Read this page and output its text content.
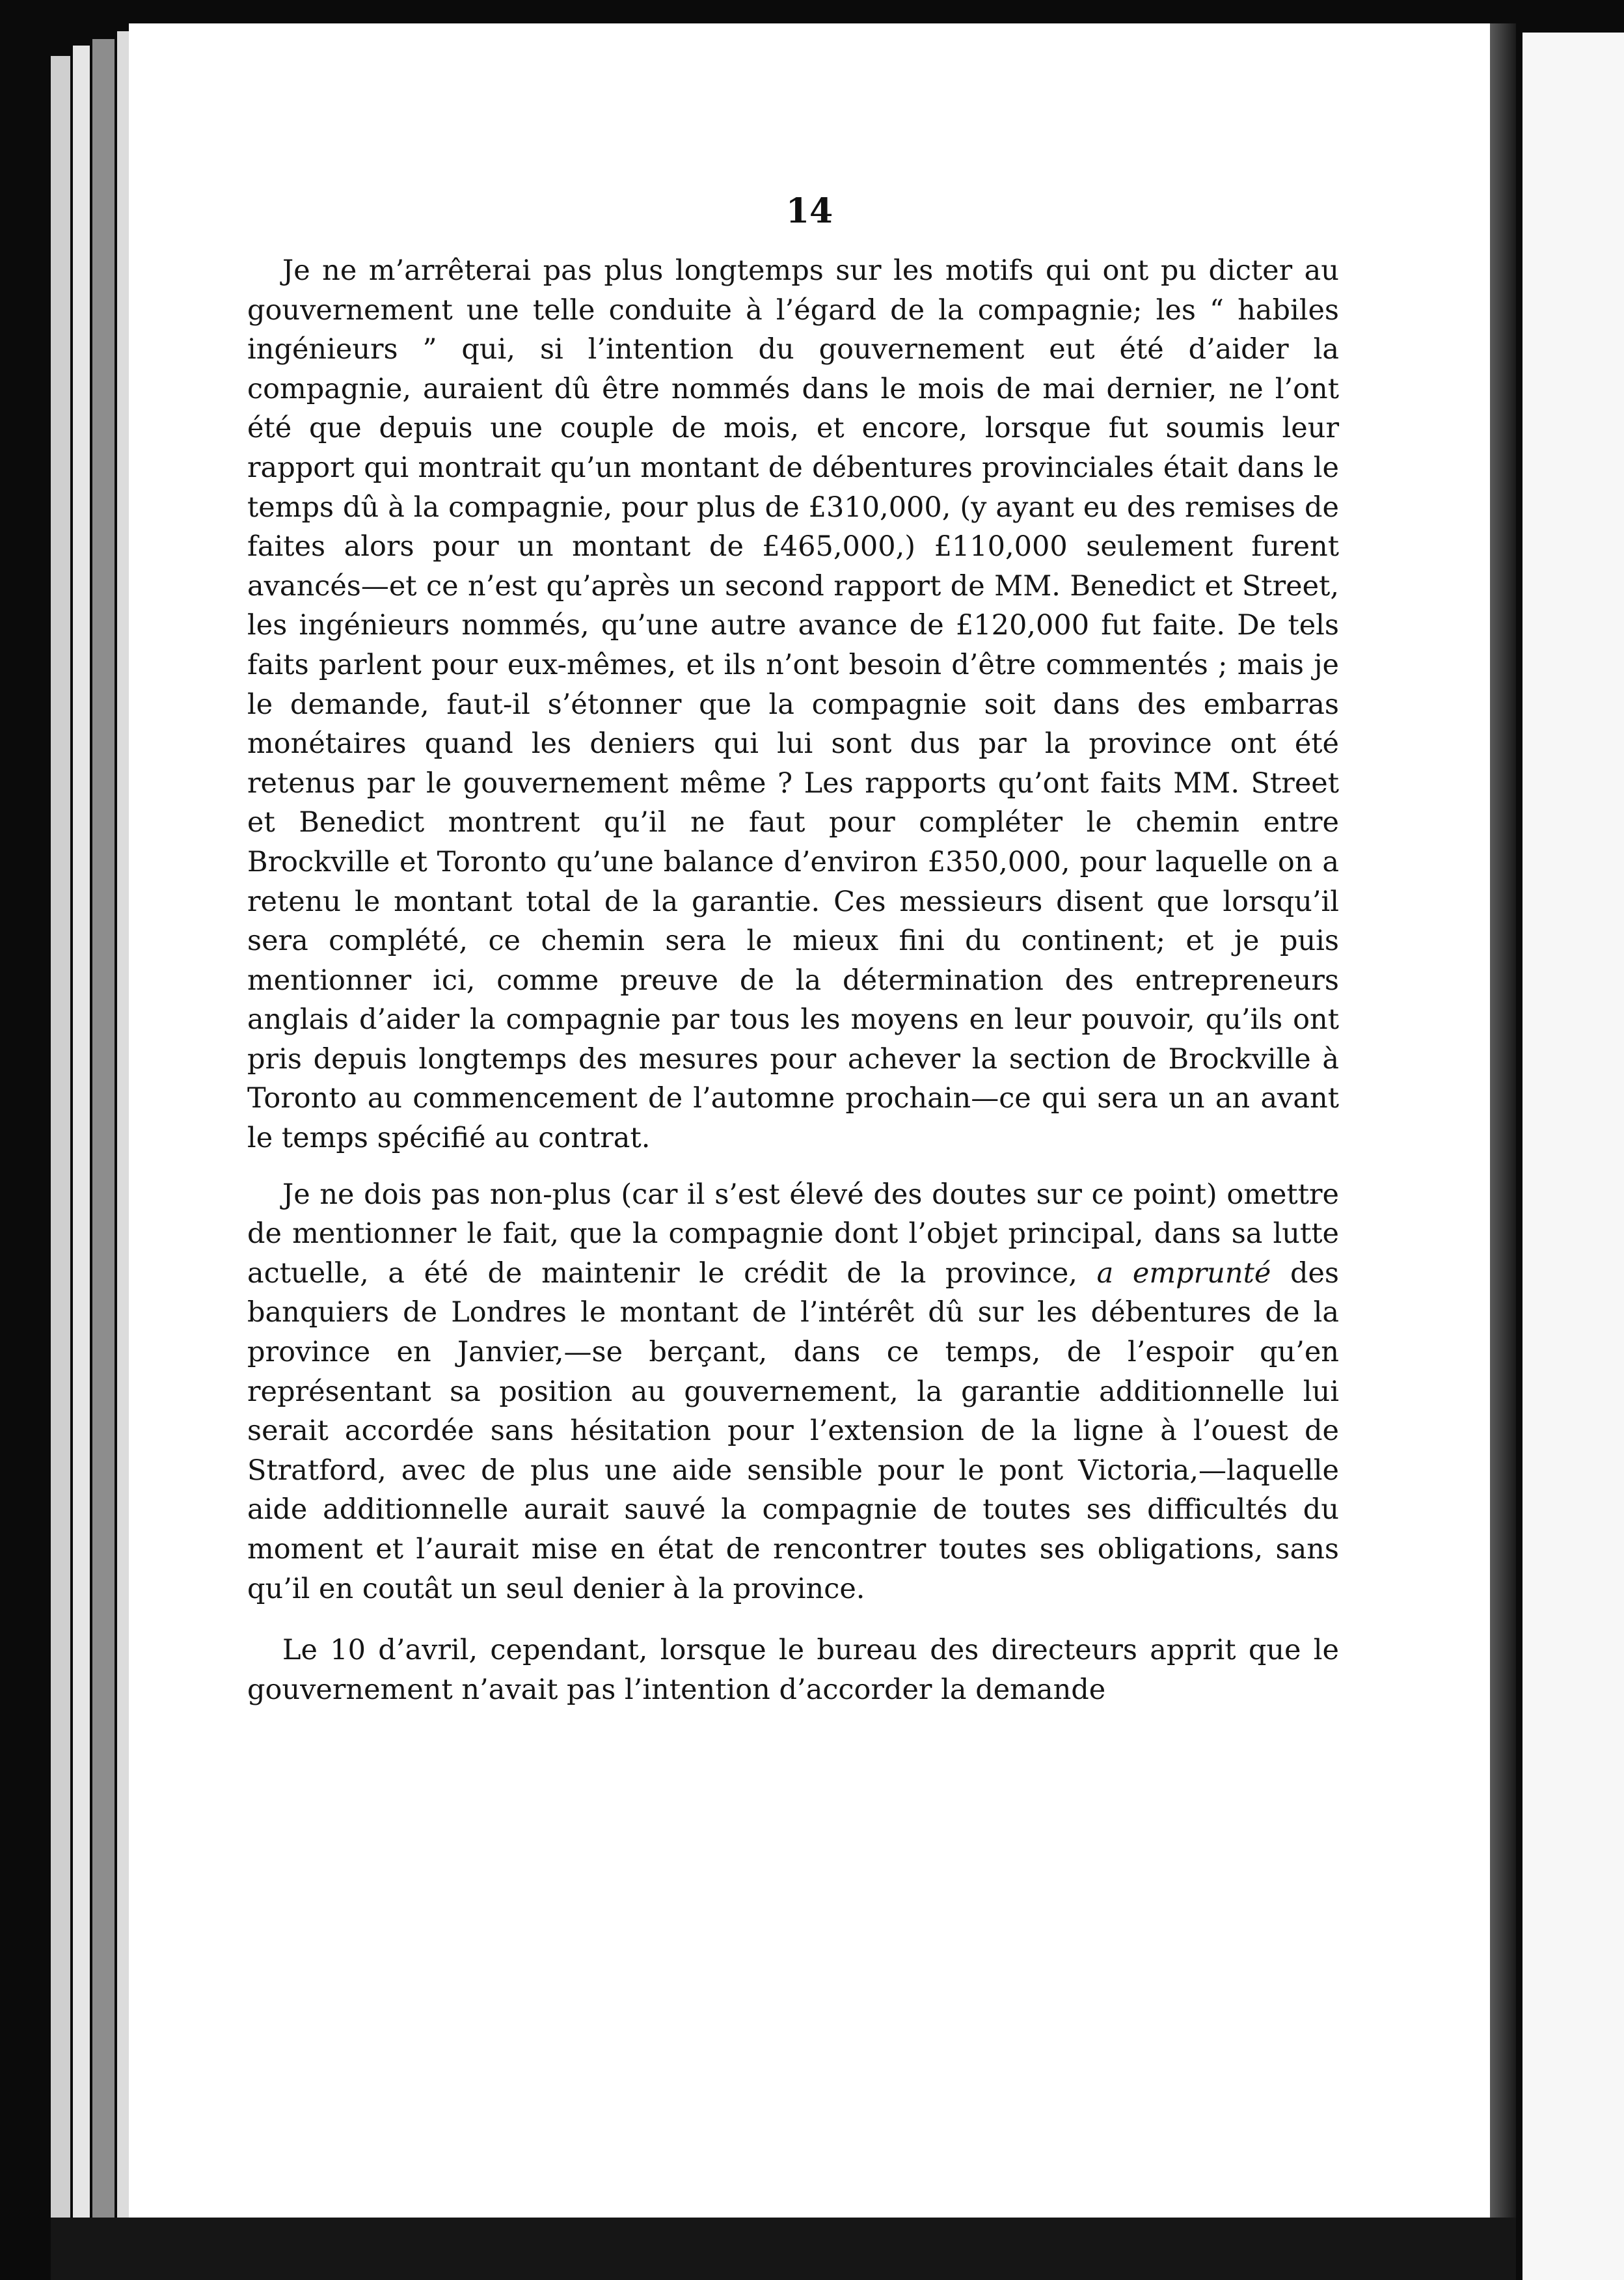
14

Je ne m’arrêterai pas plus longtemps sur les motifs qui ont pu dicter au gouvernement une telle conduite à l’égard de la compagnie; les “ habiles ingénieurs ” qui, si l’intention du gouvernement eut été d’aider la compagnie, auraient dû être nommés dans le mois de mai dernier, ne l’ont été que depuis une couple de mois, et encore, lorsque fut soumis leur rapport qui montrait qu’un montant de débentures provinciales était dans le temps dû à la compagnie, pour plus de £310,000, (y ayant eu des remises de faites alors pour un montant de £465,000,) £110,000 seulement furent avancés—et ce n’est qu’après un second rapport de MM. Benedict et Street, les ingénieurs nommés, qu’une autre avance de £120,000 fut faite. De tels faits parlent pour eux-mêmes, et ils n’ont besoin d’être commentés ; mais je le demande, faut-il s’étonner que la compagnie soit dans des embarras monétaires quand les deniers qui lui sont dus par la province ont été retenus par le gouvernement même ? Les rapports qu’ont faits MM. Street et Benedict montrent qu’il ne faut pour compléter le chemin entre Brockville et Toronto qu’une balance d’environ £350,000, pour laquelle on a retenu le montant total de la garantie. Ces messieurs disent que lorsqu’il sera complété, ce chemin sera le mieux fini du continent; et je puis mentionner ici, comme preuve de la détermination des entrepreneurs anglais d’aider la compagnie par tous les moyens en leur pouvoir, qu’ils ont pris depuis longtemps des mesures pour achever la section de Brockville à Toronto au commencement de l’automne prochain—ce qui sera un an avant le temps spécifié au contrat.

Je ne dois pas non-plus (car il s’est élevé des doutes sur ce point) omettre de mentionner le fait, que la compagnie dont l’objet principal, dans sa lutte actuelle, a été de maintenir le crédit de la province, a emprunté des banquiers de Londres le montant de l’intérêt dû sur les débentures de la province en Janvier,—se berçant, dans ce temps, de l’espoir qu’en représentant sa position au gouvernement, la garantie additionnelle lui serait accordée sans hésitation pour l’extension de la ligne à l’ouest de Stratford, avec de plus une aide sensible pour le pont Victoria,—laquelle aide additionnelle aurait sauvé la compagnie de toutes ses difficultés du moment et l’aurait mise en état de rencontrer toutes ses obligations, sans qu’il en coutât un seul denier à la province.

Le 10 d’avril, cependant, lorsque le bureau des directeurs apprit que le gouvernement n’avait pas l’intention d’accorder la demande
